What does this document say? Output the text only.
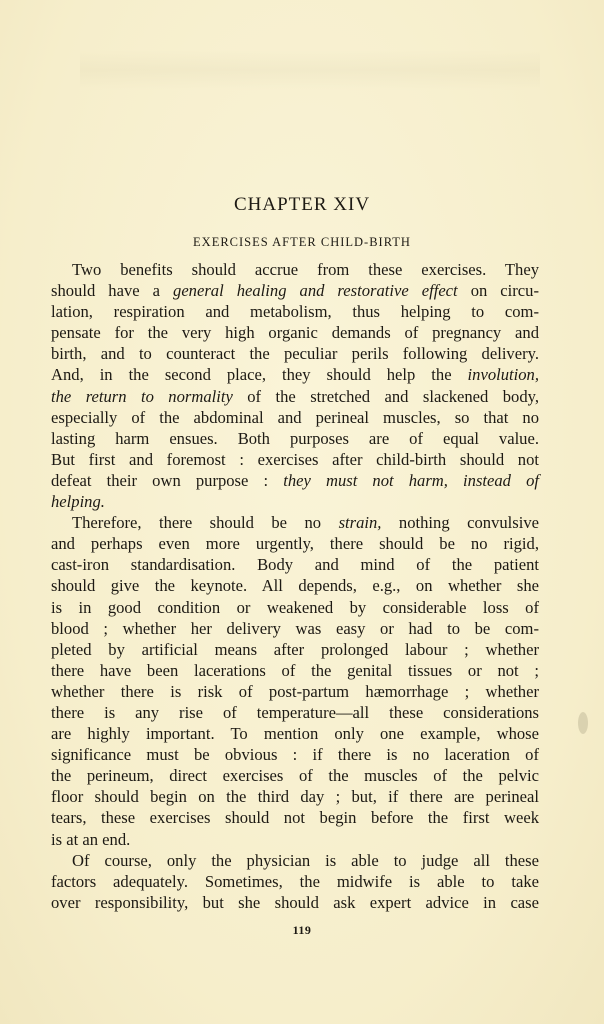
CHAPTER XIV
EXERCISES AFTER CHILD-BIRTH
Two benefits should accrue from these exercises. They
should have a general healing and restorative effect on circu-
lation, respiration and metabolism, thus helping to com-
pensate for the very high organic demands of pregnancy and
birth, and to counteract the peculiar perils following delivery.
And, in the second place, they should help the involution,
the return to normality of the stretched and slackened body,
especially of the abdominal and perineal muscles, so that no
lasting harm ensues. Both purposes are of equal value.
But first and foremost : exercises after child-birth should not
defeat their own purpose : they must not harm, instead of
helping.
Therefore, there should be no strain, nothing convulsive
and perhaps even more urgently, there should be no rigid,
cast-iron standardisation. Body and mind of the patient
should give the keynote. All depends, e.g., on whether she
is in good condition or weakened by considerable loss of
blood ; whether her delivery was easy or had to be com-
pleted by artificial means after prolonged labour ; whether
there have been lacerations of the genital tissues or not ;
whether there is risk of post-partum hæmorrhage ; whether
there is any rise of temperature—all these considerations
are highly important. To mention only one example, whose
significance must be obvious : if there is no laceration of
the perineum, direct exercises of the muscles of the pelvic
floor should begin on the third day ; but, if there are perineal
tears, these exercises should not begin before the first week
is at an end.
Of course, only the physician is able to judge all these
factors adequately. Sometimes, the midwife is able to take
over responsibility, but she should ask expert advice in case
119
